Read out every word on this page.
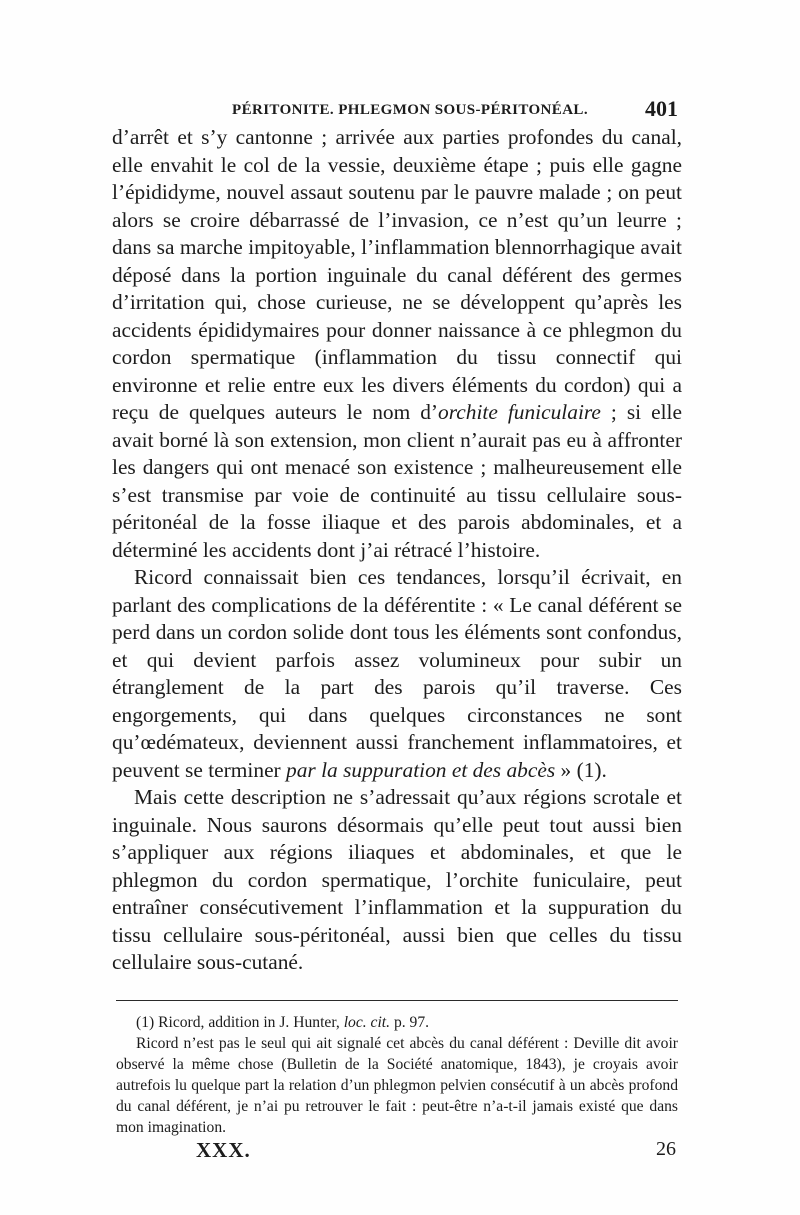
PÉRITONITE. PHLEGMON SOUS-PÉRITONÉAL.	401

d’arrêt et s’y cantonne ; arrivée aux parties profondes du canal, elle envahit le col de la vessie, deuxième étape ; puis elle gagne l’épididyme, nouvel assaut soutenu par le pauvre malade ; on peut alors se croire débarrassé de l’invasion, ce n’est qu’un leurre ; dans sa marche impitoyable, l’inflammation blennorrhagique avait déposé dans la portion inguinale du canal déférent des germes d’irritation qui, chose curieuse, ne se développent qu’après les accidents épididymaires pour donner naissance à ce phlegmon du cordon spermatique (inflammation du tissu connectif qui environne et relie entre eux les divers éléments du cordon) qui a reçu de quelques auteurs le nom d’orchite funiculaire ; si elle avait borné là son extension, mon client n’aurait pas eu à affronter les dangers qui ont menacé son existence ; malheureusement elle s’est transmise par voie de continuité au tissu cellulaire sous-péritonéal de la fosse iliaque et des parois abdominales, et a déterminé les accidents dont j’ai rétracé l’histoire.

Ricord connaissait bien ces tendances, lorsqu’il écrivait, en parlant des complications de la déférentite : « Le canal déférent se perd dans un cordon solide dont tous les éléments sont confondus, et qui devient parfois assez volumineux pour subir un étranglement de la part des parois qu’il traverse. Ces engorgements, qui dans quelques circonstances ne sont qu’œdémateux, deviennent aussi franchement inflammatoires, et peuvent se terminer par la suppuration et des abcès » (1).

Mais cette description ne s’adressait qu’aux régions scrotale et inguinale. Nous saurons désormais qu’elle peut tout aussi bien s’appliquer aux régions iliaques et abdominales, et que le phlegmon du cordon spermatique, l’orchite funiculaire, peut entraîner consécutivement l’inflammation et la suppuration du tissu cellulaire sous-péritonéal, aussi bien que celles du tissu cellulaire sous-cutané.

(1) Ricord, addition in J. Hunter, loc. cit. p. 97.

Ricord n’est pas le seul qui ait signalé cet abcès du canal déférent : Deville dit avoir observé la même chose (Bulletin de la Société anatomique, 1843), je croyais avoir autrefois lu quelque part la relation d’un phlegmon pelvien consécutif à un abcès profond du canal déférent, je n’ai pu retrouver le fait : peut-être n’a-t-il jamais existé que dans mon imagination.

XXX.	26
